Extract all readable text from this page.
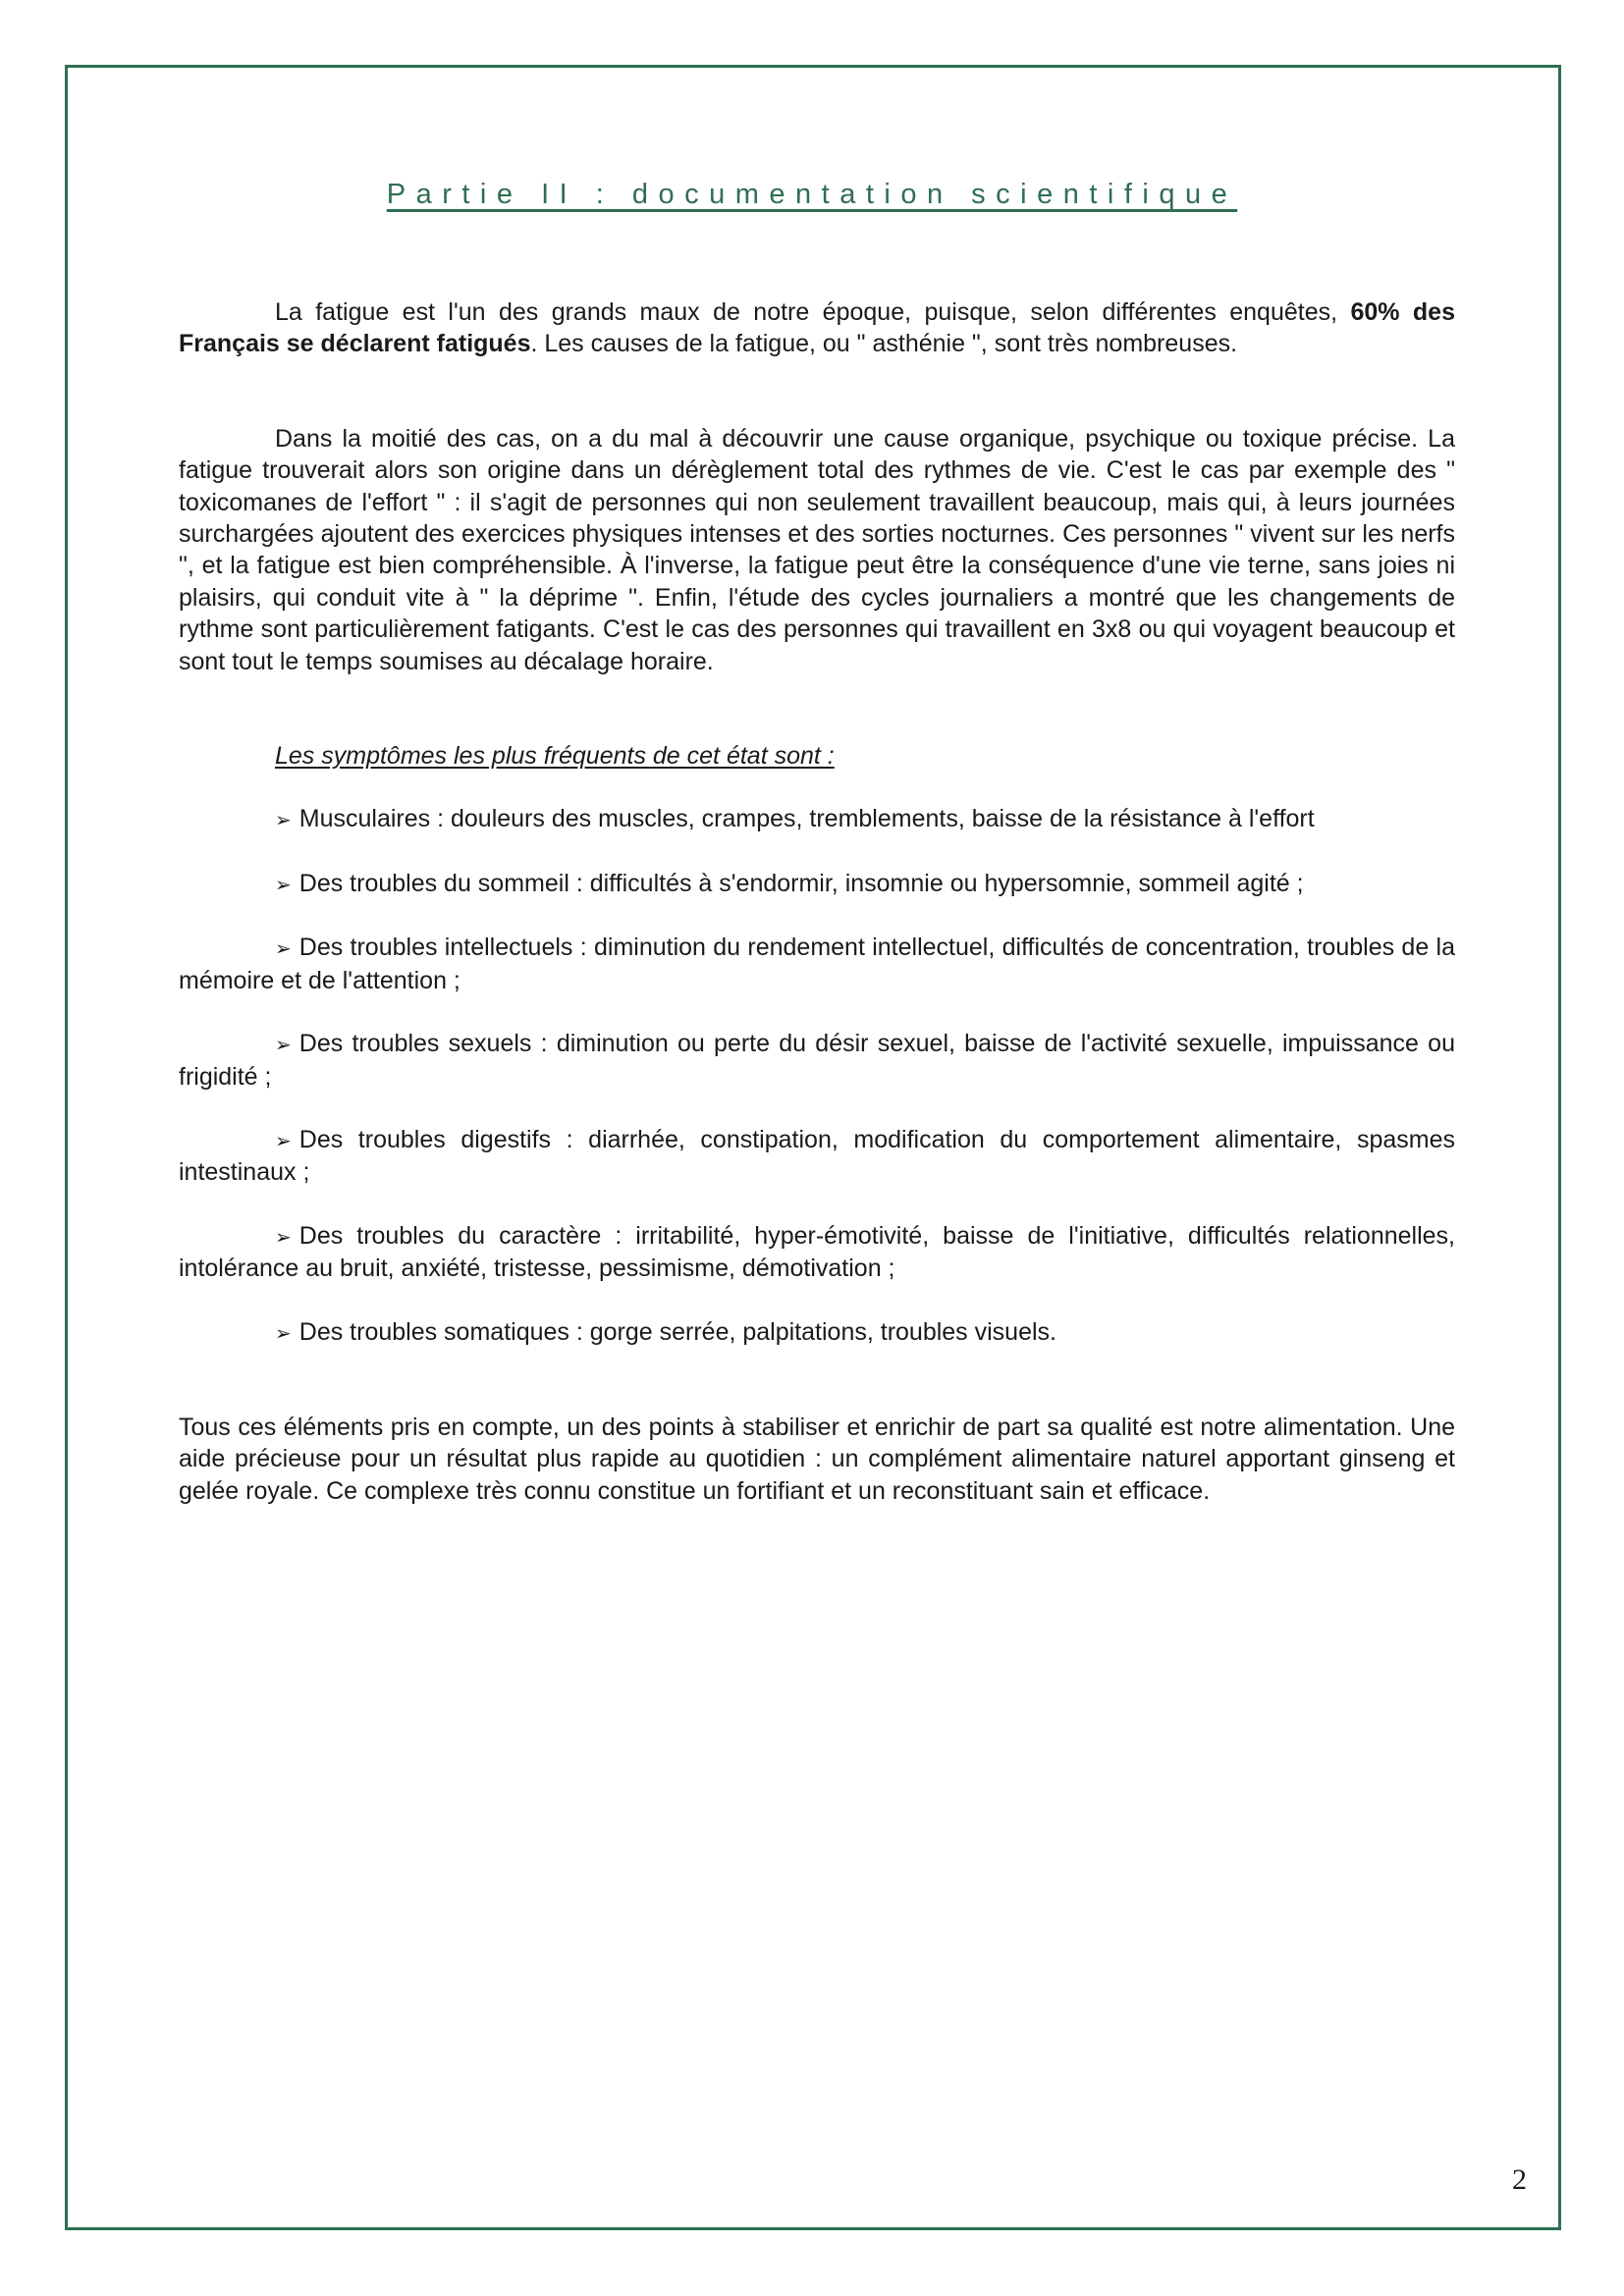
Partie II : documentation scientifique

La fatigue est l'un des grands maux de notre époque, puisque, selon différentes enquêtes, 60% des Français se déclarent fatigués. Les causes de la fatigue, ou " asthénie ", sont très nombreuses.

Dans la moitié des cas, on a du mal à découvrir une cause organique, psychique ou toxique précise. La fatigue trouverait alors son origine dans un dérèglement total des rythmes de vie. C'est le cas par exemple des " toxicomanes de l'effort " : il s'agit de personnes qui non seulement travaillent beaucoup, mais qui, à leurs journées surchargées ajoutent des exercices physiques intenses et des sorties nocturnes. Ces personnes " vivent sur les nerfs ", et la fatigue est bien compréhensible. À l'inverse, la fatigue peut être la conséquence d'une vie terne, sans joies ni plaisirs, qui conduit vite à " la déprime ". Enfin, l'étude des cycles journaliers a montré que les changements de rythme sont particulièrement fatigants. C'est le cas des personnes qui travaillent en 3x8 ou qui voyagent beaucoup et sont tout le temps soumises au décalage horaire.

Les symptômes les plus fréquents de cet état sont :

➢ Musculaires : douleurs des muscles, crampes, tremblements, baisse de la résistance à l'effort

➢ Des troubles du sommeil : difficultés à s'endormir, insomnie ou hypersomnie, sommeil agité ;

➢ Des troubles intellectuels : diminution du rendement intellectuel, difficultés de concentration, troubles de la mémoire et de l'attention ;

➢ Des troubles sexuels : diminution ou perte du désir sexuel, baisse de l'activité sexuelle, impuissance ou frigidité ;

➢ Des troubles digestifs : diarrhée, constipation, modification du comportement alimentaire, spasmes intestinaux ;

➢ Des troubles du caractère : irritabilité, hyper-émotivité, baisse de l'initiative, difficultés relationnelles, intolérance au bruit, anxiété, tristesse, pessimisme, démotivation ;

➢ Des troubles somatiques : gorge serrée, palpitations, troubles visuels.

Tous ces éléments pris en compte, un des points à stabiliser et enrichir de part sa qualité est notre alimentation. Une aide précieuse pour un résultat plus rapide au quotidien : un complément alimentaire naturel apportant ginseng et gelée royale. Ce complexe très connu constitue un fortifiant et un reconstituant sain et efficace.

2
